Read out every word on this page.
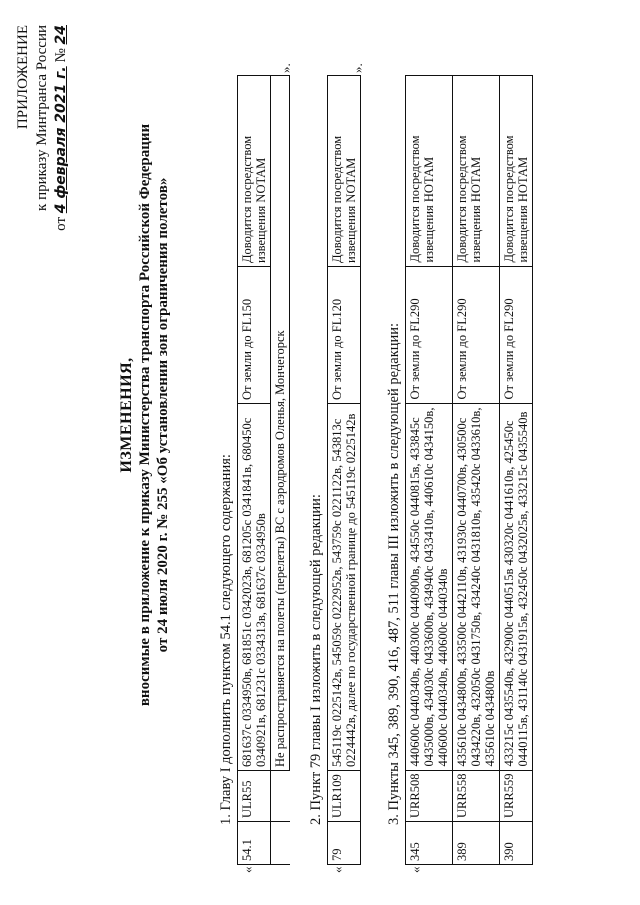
ПРИЛОЖЕНИЕ к приказу Минтранса России
от 4 февраля 2021 г. № 24
ИЗМЕНЕНИЯ, вносимые в приложение к приказу Министерства транспорта Российской Федерации от 24 июля 2020 г. № 255 «Об установлении зон ограничения полетов»	1. Главу I дополнить пунктом 54.1 следующего содержания:
«
54.1	ULR55	681637с 0334950в, 681851с 0342023в, 681205с 0341841в, 680450с 0340921в, 681231с 0334313в, 681637с 0334950в	От земли до FL150	Доводится посредством извещения NOTAM
		Не распространяется на полеты (перелеты) ВС с аэродромов Оленья, Мончегорск		
».
2. Пункт 79 главы I изложить в следующей редакции:
«
79	ULR109	545119с 0225142в, 545059с 0222952в, 543759с 0221122в, 543813с 0224442в, далее по государственной границе до 545119с 0225142в	От земли до FL120	Доводится посредством извещения NOTAM
».
3. Пункты 345, 389, 390, 416, 487, 511 главы III изложить в следующей редакции:
«
345	URR508	440600с 0440340в, 440300с 0440900в, 434550с 0440815в, 433845с 0435000в, 434030с 0433600в, 434940с 0433410в, 440610с 0434150в, 440600с 0440340в, 440600с 0440340в	От земли до FL290	Доводится посредством извещения НОТАМ
389	URR558	435610с 0434800в, 433500с 0442110в, 431930с 0440700в, 430500с 0434220в, 432050с 0431750в, 434240с 0431810в, 435420с 0433610в, 435610с 0434800в	От земли до FL290	Доводится посредством извещения НОТАМ
390	URR559	433215с 0435540в, 432900с 0440515в 430320с 0441610в, 425450с 0440115в, 431140с 0431915в, 432450с 0432025в, 433215с 0435540в	От земли до FL290	Доводится посредством извещения НОТАМ
